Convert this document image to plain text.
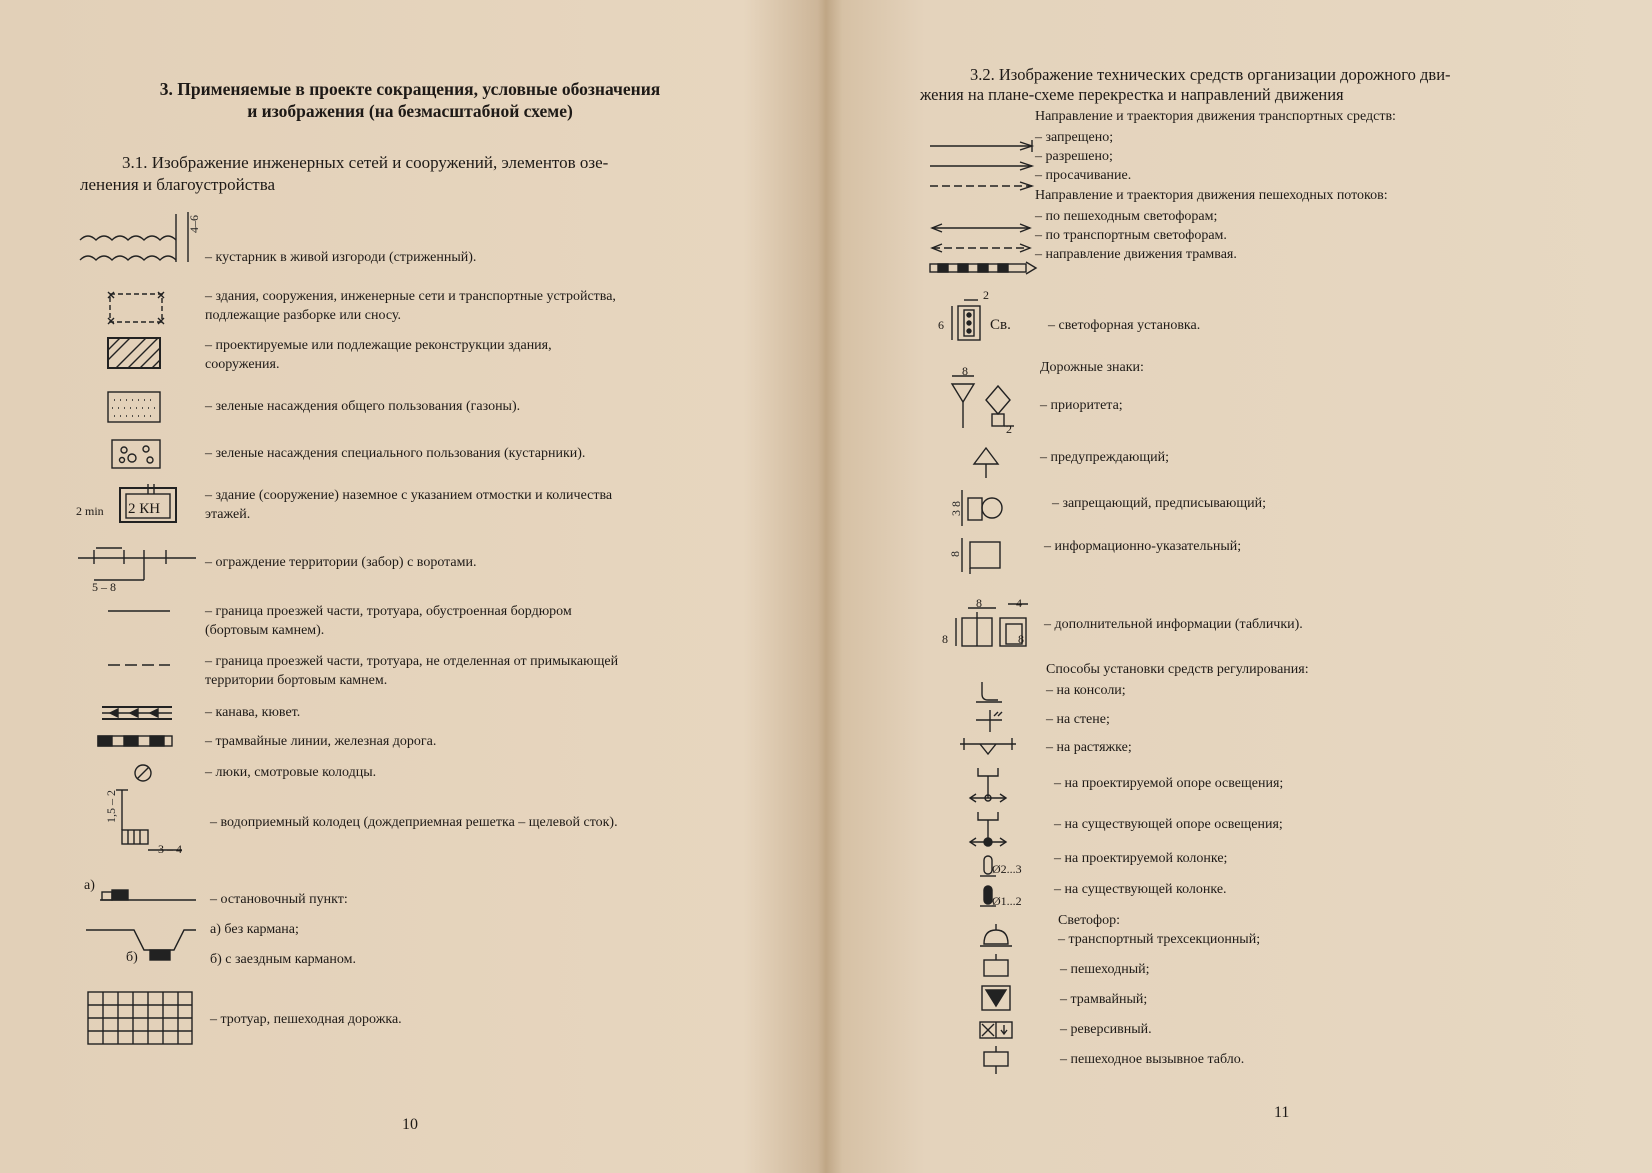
3. Применяемые в проекте сокращения, условные обозначения
и изображения (на безмасштабной схеме)
3.1. Изображение инженерных сетей и сооружений, элементов озе-
ленения и благоустройства
4–6
– кустарник в живой изгороди (стриженный).
– здания, сооружения, инженерные сети и транспортные устройства,
подлежащие разборке или сносу.
– проектируемые или подлежащие реконструкции здания,
сооружения.
– зеленые насаждения общего пользования (газоны).
– зеленые насаждения специального пользования (кустарники).
2 min 2 КН
– здание (сооружение) наземное с указанием отмостки и количества
этажей.
5 – 8
– ограждение территории (забор) с воротами.
– граница проезжей части, тротуара, обустроенная бордюром
(бортовым камнем).
– граница проезжей части, тротуара, не отделенная от примыкающей
территории бортовым камнем.
– канава, кювет.
– трамвайные линии, железная дорога.
– люки, смотровые колодцы.
1,5 – 2
3 – 4
– водоприемный колодец (дождеприемная решетка – щелевой сток).
а)
– остановочный пункт:
а) без кармана;
б)	б) с заездным карманом.
– тротуар, пешеходная дорожка.
10
3.2. Изображение технических средств организации дорожного дви-
жения на плане-схеме перекрестка и направлений движения
Направление и траектория движения транспортных средств:
– запрещено;
– разрешено;
– просачивание.
Направление и траектория движения пешеходных потоков:
– по пешеходным светофорам;
– по транспортным светофорам.
– направление движения трамвая.
2
6	Св.	– светофорная установка.
Дорожные знаки:
8
2
– приоритета;
– предупреждающий;
3 8	– запрещающий, предписывающий;
8	– информационно-указательный;
8	4
8	8
– дополнительной информации (таблички).
Способы установки средств регулирования:
– на консоли;
– на стене;
– на растяжке;
– на проектируемой опоре освещения;
– на существующей опоре освещения;
Ø2...3
– на проектируемой колонке;
Ø1...2
– на существующей колонке.
Светофор:
– транспортный трехсекционный;
– пешеходный;
– трамвайный;
– реверсивный.
– пешеходное вызывное табло.
11
